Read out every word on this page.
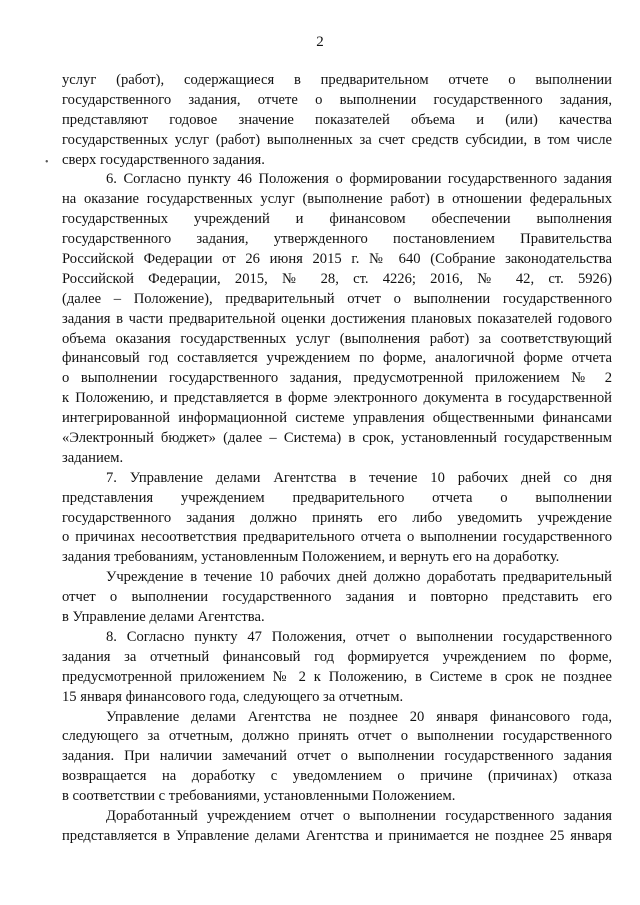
2
•
услуг (работ), содержащиеся в предварительном отчете о выполнении
государственного задания, отчете о выполнении государственного задания,
представляют годовое значение показателей объема и (или) качества
государственных услуг (работ) выполненных за счет средств субсидии, в том числе
сверх государственного задания.
6. Согласно пункту 46 Положения о формировании государственного задания
на оказание государственных услуг (выполнение работ) в отношении федеральных
государственных учреждений и финансовом обеспечении выполнения
государственного задания, утвержденного постановлением Правительства
Российской Федерации от 26 июня 2015 г. № 640 (Собрание законодательства
Российской Федерации, 2015, № 28, ст. 4226; 2016, № 42, ст. 5926)
(далее – Положение), предварительный отчет о выполнении государственного
задания в части предварительной оценки достижения плановых показателей годового
объема оказания государственных услуг (выполнения работ) за соответствующий
финансовый год составляется учреждением по форме, аналогичной форме отчета
о выполнении государственного задания, предусмотренной приложением № 2
к Положению, и представляется в форме электронного документа в государственной
интегрированной информационной системе управления общественными финансами
«Электронный бюджет» (далее – Система) в срок, установленный государственным
заданием.
7. Управление делами Агентства в течение 10 рабочих дней со дня
представления учреждением предварительного отчета о выполнении
государственного задания должно принять его либо уведомить учреждение
о причинах несоответствия предварительного отчета о выполнении государственного
задания требованиям, установленным Положением, и вернуть его на доработку.
Учреждение в течение 10 рабочих дней должно доработать предварительный
отчет о выполнении государственного задания и повторно представить его
в Управление делами Агентства.
8. Согласно пункту 47 Положения, отчет о выполнении государственного
задания за отчетный финансовый год формируется учреждением по форме,
предусмотренной приложением № 2 к Положению, в Системе в срок не позднее
15 января финансового года, следующего за отчетным.
Управление делами Агентства не позднее 20 января финансового года,
следующего за отчетным, должно принять отчет о выполнении государственного
задания. При наличии замечаний отчет о выполнении государственного задания
возвращается на доработку с уведомлением о причине (причинах) отказа
в соответствии с требованиями, установленными Положением.
Доработанный учреждением отчет о выполнении государственного задания
представляется в Управление делами Агентства и принимается не позднее 25 января
